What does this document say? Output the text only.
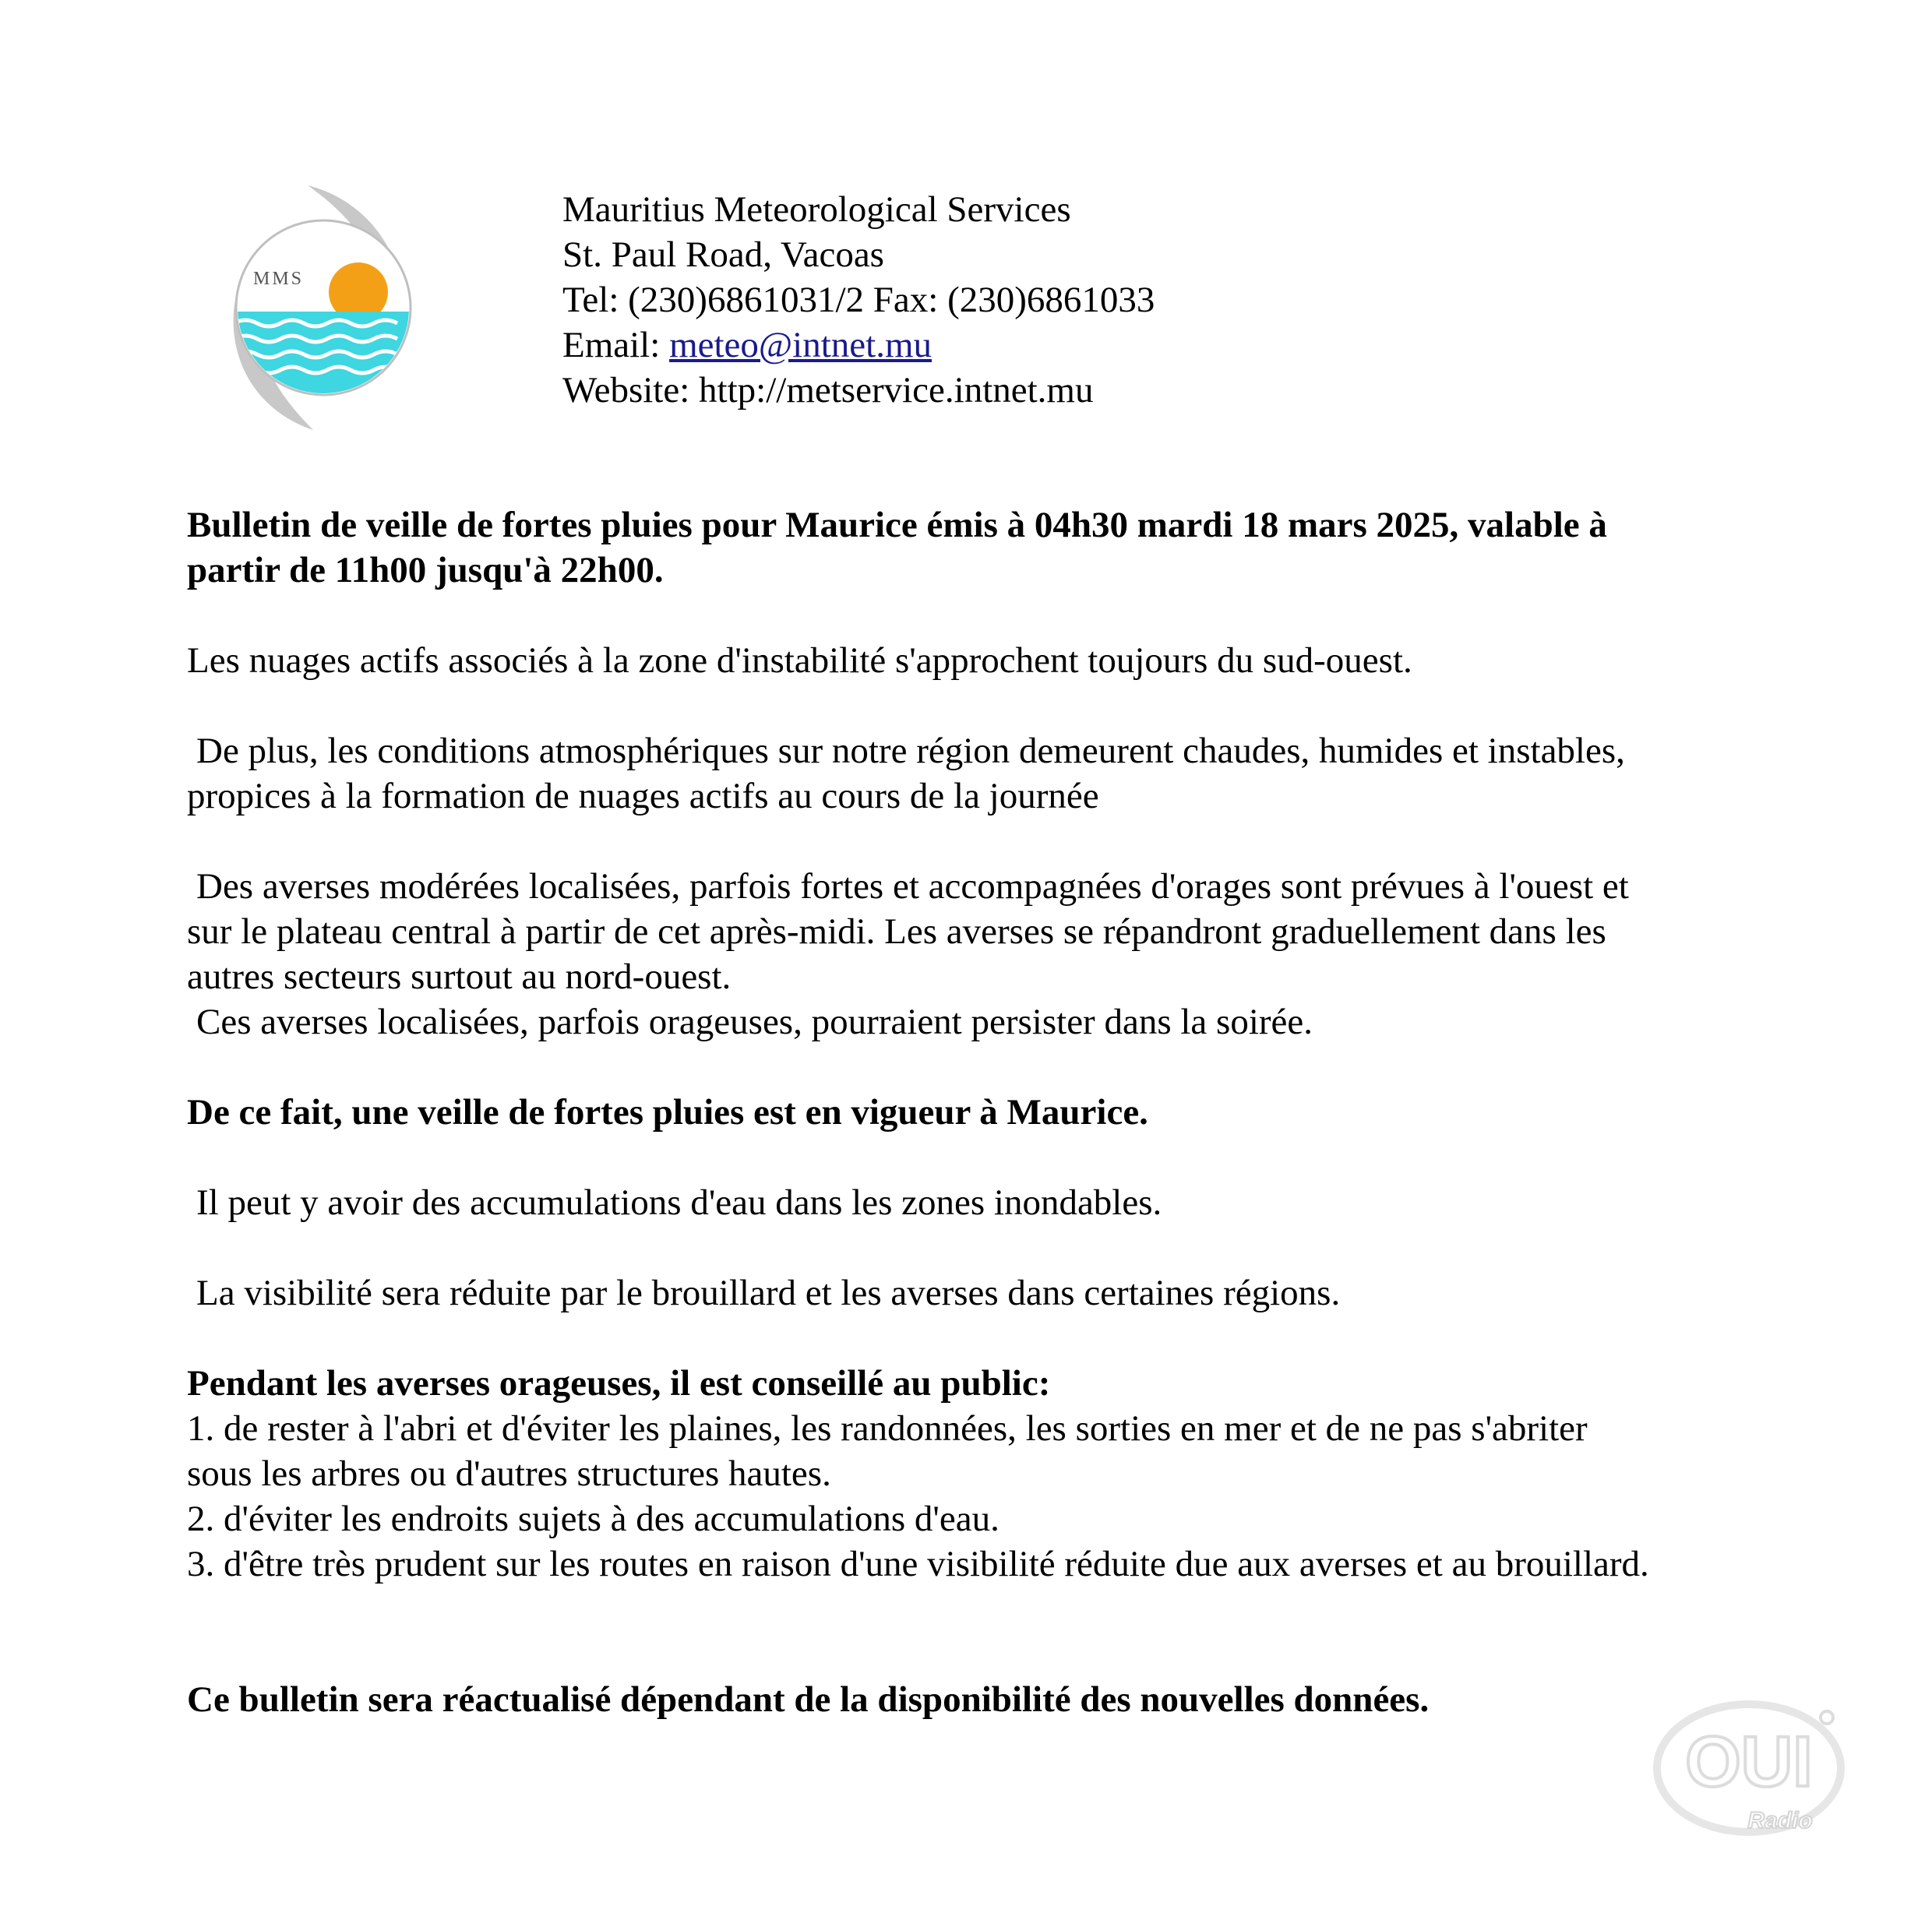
MMS
Mauritius Meteorological Services
St. Paul Road, Vacoas
Tel: (230)6861031/2 Fax: (230)6861033
Email: meteo@intnet.mu
Website: http://metservice.intnet.mu

Bulletin de veille de fortes pluies pour Maurice émis à 04h30 mardi 18 mars 2025, valable à

partir de 11h00 jusqu'à 22h00.

Les nuages actifs associés à la zone d'instabilité s'approchent toujours du sud-ouest.

De plus, les conditions atmosphériques sur notre région demeurent chaudes, humides et instables,

propices à la formation de nuages actifs au cours de la journée

Des averses modérées localisées, parfois fortes et accompagnées d'orages sont prévues à l'ouest et

sur le plateau central à partir de cet après-midi. Les averses se répandront graduellement dans les

autres secteurs surtout au nord-ouest.

Ces averses localisées, parfois orageuses, pourraient persister dans la soirée.

De ce fait, une veille de fortes pluies est en vigueur à Maurice.

Il peut y avoir des accumulations d'eau dans les zones inondables.

La visibilité sera réduite par le brouillard et les averses dans certaines régions.

Pendant les averses orageuses, il est conseillé au public:

1. de rester à l'abri et d'éviter les plaines, les randonnées, les sorties en mer et de ne pas s'abriter

sous les arbres ou d'autres structures hautes.

2. d'éviter les endroits sujets à des accumulations d'eau.

3. d'être très prudent sur les routes en raison d'une visibilité réduite due aux averses et au brouillard.

Ce bulletin sera réactualisé dépendant de la disponibilité des nouvelles données.

OUI
Radio
